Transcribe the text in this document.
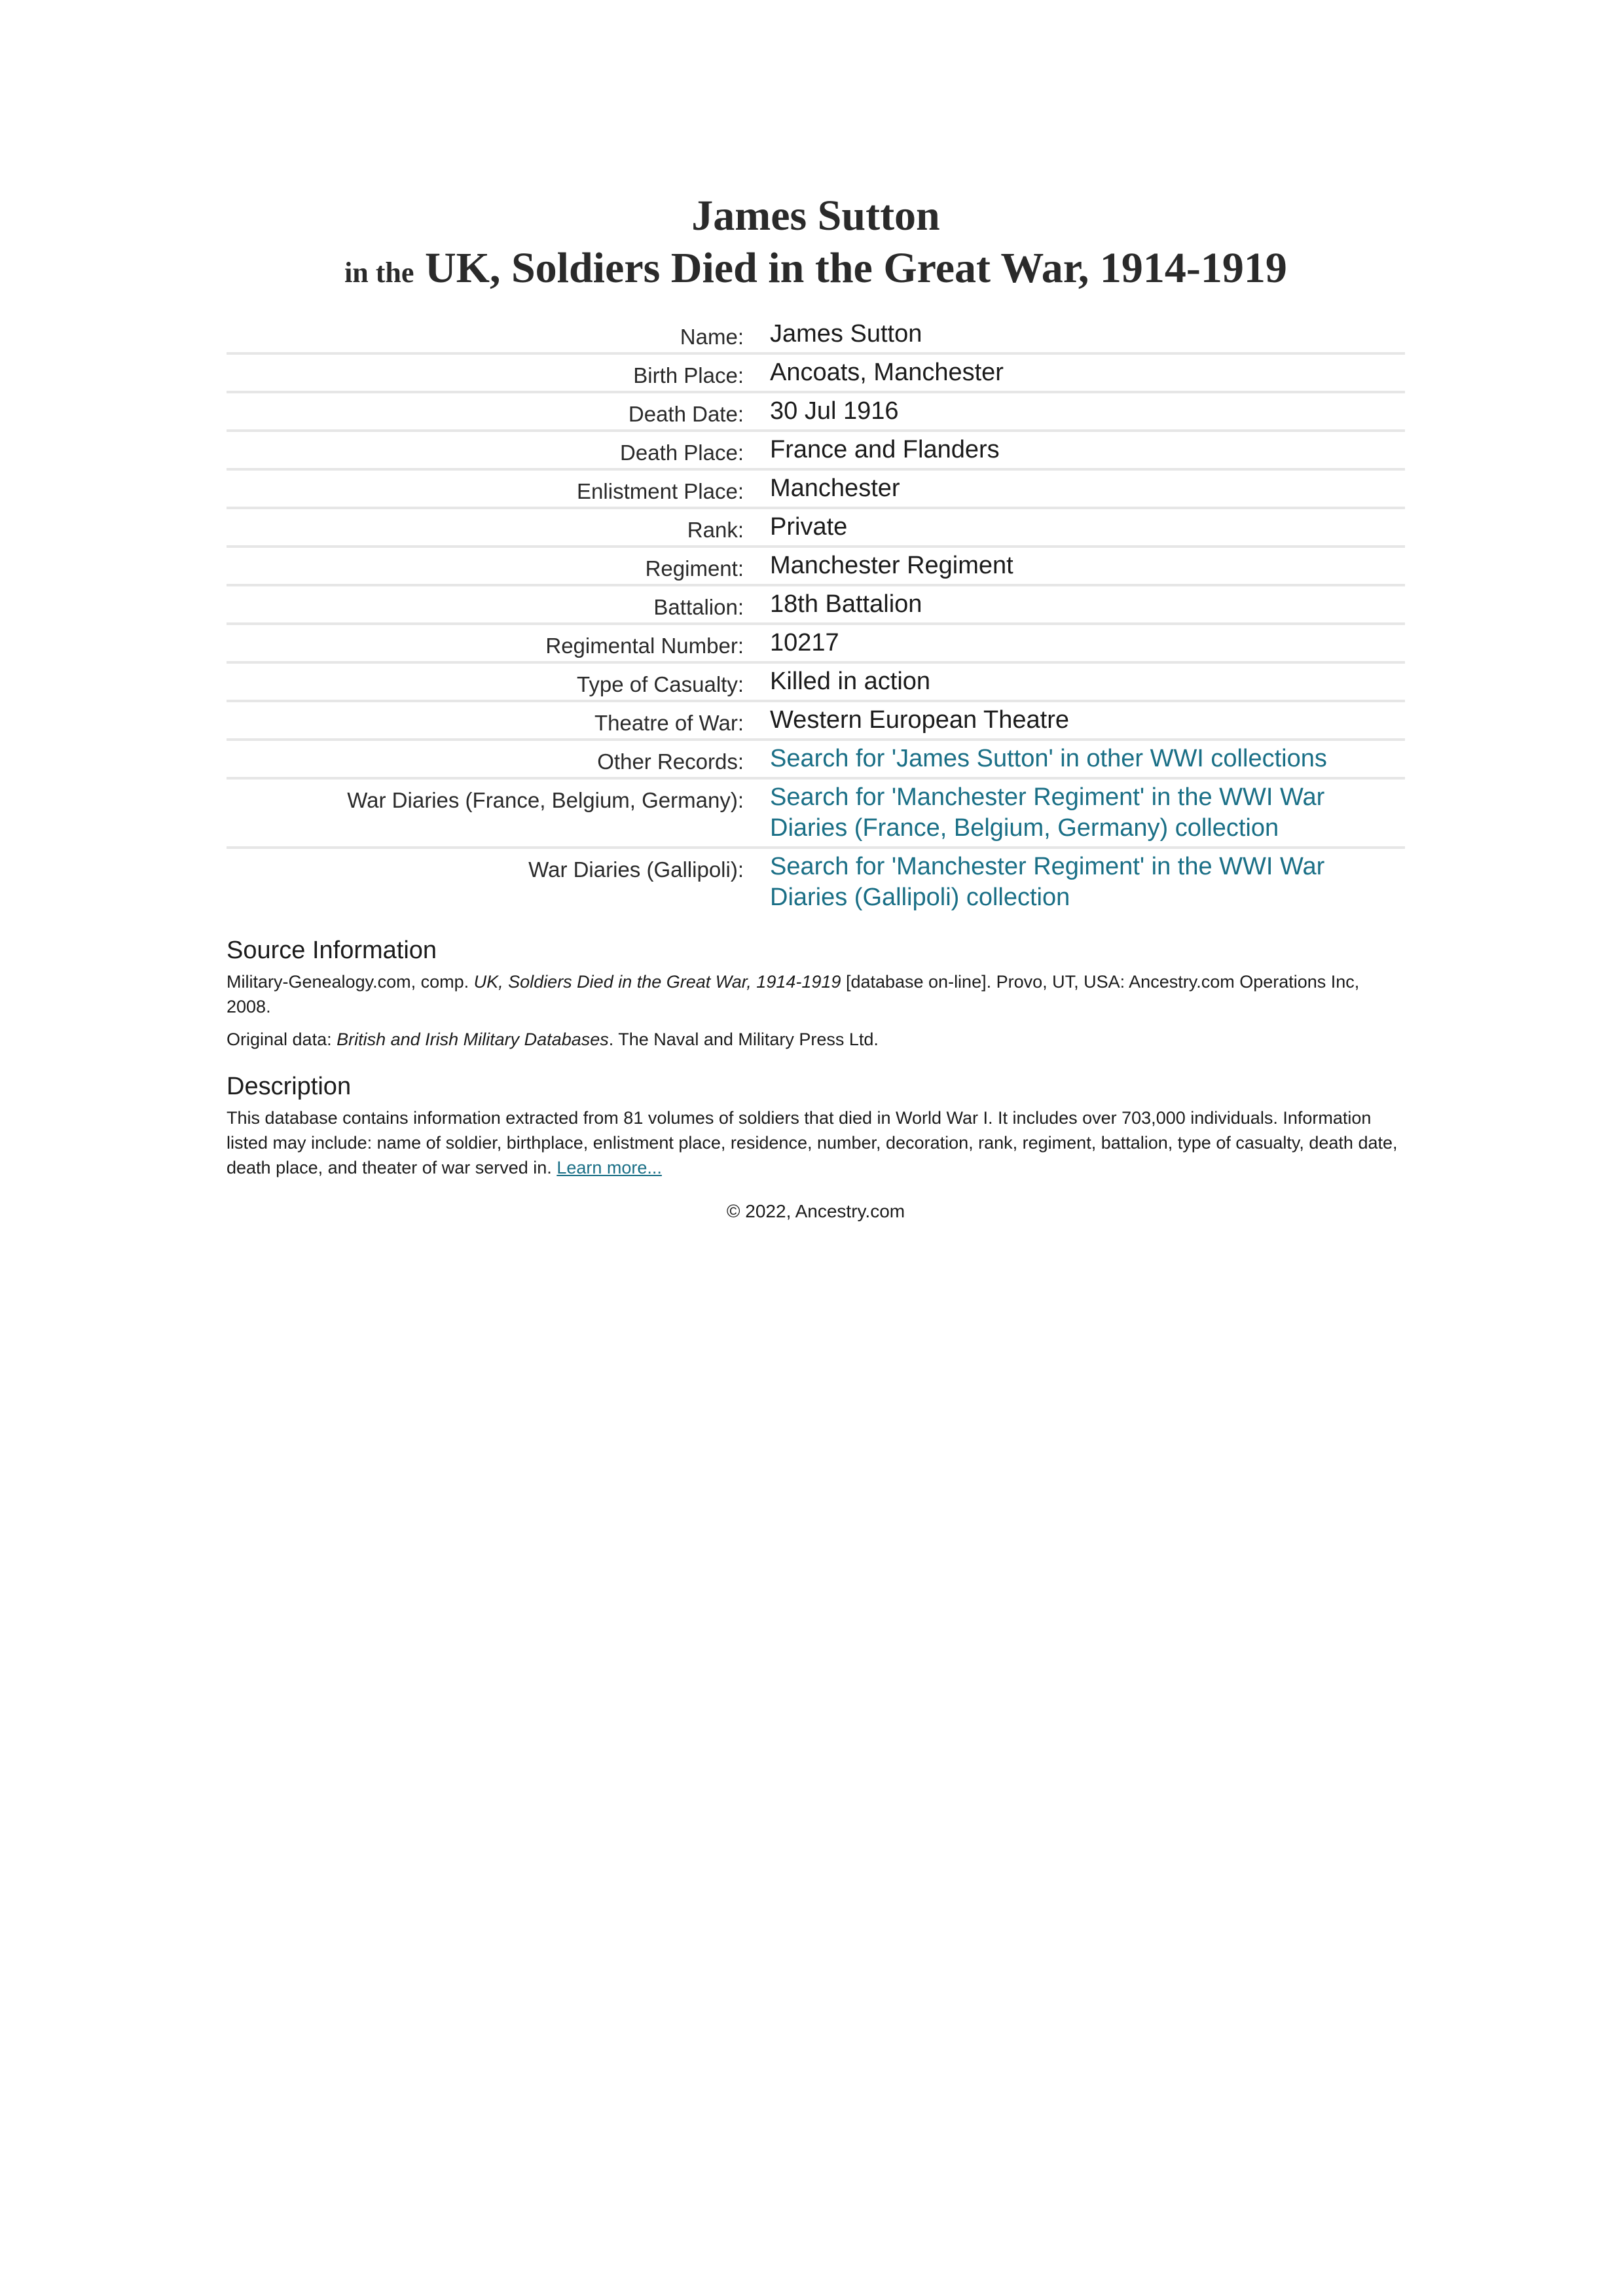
James Sutton
in the UK, Soldiers Died in the Great War, 1914-1919
Name:	James Sutton
Birth Place:	Ancoats, Manchester
Death Date:	30 Jul 1916
Death Place:	France and Flanders
Enlistment Place:	Manchester
Rank:	Private
Regiment:	Manchester Regiment
Battalion:	18th Battalion
Regimental Number:	10217
Type of Casualty:	Killed in action
Theatre of War:	Western European Theatre
Other Records:	Search for 'James Sutton' in other WWI collections
War Diaries (France, Belgium, Germany):	Search for 'Manchester Regiment' in the WWI War Diaries (France, Belgium, Germany) collection
War Diaries (Gallipoli):	Search for 'Manchester Regiment' in the WWI War Diaries (Gallipoli) collection
Source Information

Military-Genealogy.com, comp. UK, Soldiers Died in the Great War, 1914-1919 [database on-line]. Provo, UT, USA: Ancestry.com Operations Inc, 2008.

Original data: British and Irish Military Databases. The Naval and Military Press Ltd.

Description

This database contains information extracted from 81 volumes of soldiers that died in World War I. It includes over 703,000 individuals. Information listed may include: name of soldier, birthplace, enlistment place, residence, number, decoration, rank, regiment, battalion, type of casualty, death date, death place, and theater of war served in. Learn more...

© 2022, Ancestry.com
